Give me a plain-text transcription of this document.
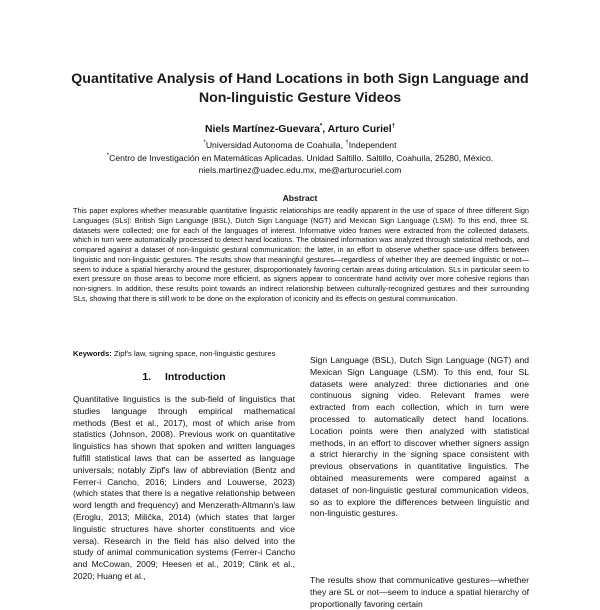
Quantitative Analysis of Hand Locations in both Sign Language and
Non-linguistic Gesture Videos
Niels Martínez-Guevara*, Arturo Curiel†
*Universidad Autonoma de Coahuila, †Independent
*Centro de Investigación en Matemáticas Aplicadas. Unidad Saltillo. Saltillo, Coahuila, 25280, México.
niels.martinez@uadec.edu.mx, me@arturocuriel.com
Abstract
This paper explores whether measurable quantitative linguistic relationships are readily apparent in the use of space of three different Sign Languages (SLs): British Sign Language (BSL), Dutch Sign Language (NGT) and Mexican Sign Language (LSM). To this end, three SL datasets were collected; one for each of the languages of interest. Informative video frames were extracted from the collected datasets, which in turn were automatically processed to detect hand locations. The obtained information was analyzed through statistical methods, and compared against a dataset of non-linguistic gestural communication: the latter, in an effort to observe whether space-use differs between linguistic and non-linguistic gestures. The results show that meaningful gestures—regardless of whether they are deemed linguistic or not—seem to induce a spatial hierarchy around the gesturer, disproportionately favoring certain areas during articulation. SLs in particular seem to exert pressure on those areas to become more efficient, as signers appear to concentrate hand activity over more cohesive regions than non-signers. In addition, these results point towards an indirect relationship between culturally-recognized gestures and their surrounding SLs, showing that there is still work to be done on the exploration of iconicity and its effects on gestural communication.
Keywords: Zipf's law, signing space, non-linguistic gestures
1. Introduction
Quantitative linguistics is the sub-field of linguistics that studies language through empirical mathematical methods (Best et al., 2017), most of which arise from statistics (Johnson, 2008). Previous work on quantitative linguistics has shown that spoken and written languages fulfill statistical laws that can be asserted as language universals; notably Zipf's law of abbreviation (Bentz and Ferrer-i Cancho, 2016; Linders and Louwerse, 2023) (which states that there is a negative relationship between word length and frequency) and Menzerath-Altmann's law (Eroglu, 2013; Milička, 2014) (which states that larger linguistic structures have shorter constituents and vice versa). Research in the field has also delved into the study of animal communication systems (Ferrer-i Cancho and McCowan, 2009; Heesen et al., 2019; Clink et al., 2020; Huang et al.,
Sign Language (BSL), Dutch Sign Language (NGT) and Mexican Sign Language (LSM). To this end, four SL datasets were analyzed: three dictionaries and one continuous signing video. Relevant frames were extracted from each collection, which in turn were processed to automatically detect hand locations. Location points were then analyzed with statistical methods, in an effort to discover whether signers assign a strict hierarchy in the signing space consistent with previous observations in quantitative linguistics. The obtained measurements were compared against a dataset of non-linguistic gestural communication videos, so as to explore the differences between linguistic and non-linguistic gestures.
The results show that communicative gestures—whether they are SL or not—seem to induce a spatial hierarchy of proportionally favoring certain
